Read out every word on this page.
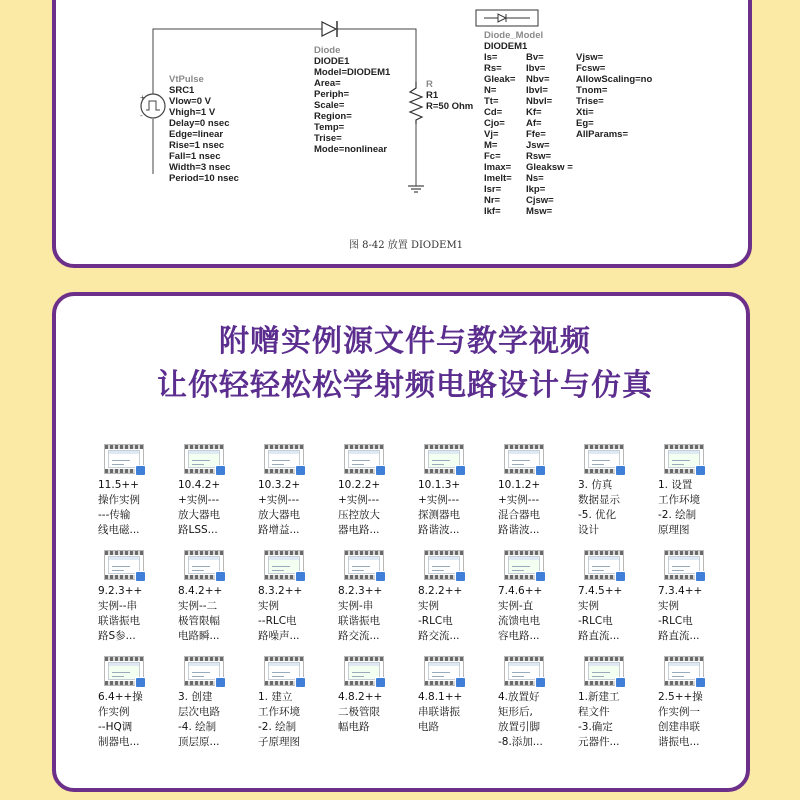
+
-
VtPulse
SRC1
Vlow=0 V
Vhigh=1 V
Delay=0 nsec
Edge=linear
Rise=1 nsec
Fall=1 nsec
Width=3 nsec
Period=10 nsec
Diode
DIODE1
Model=DIODEM1
Area=
Periph=
Scale=
Region=
Temp=
Trise=
Mode=nonlinear
R
R1
R=50 Ohm
Diode_Model
DIODEM1
Is=
Rs=
Gleak=
N=
Tt=
Cd=
Cjo=
Vj=
M=
Fc=
Imax=
Imelt=
Isr=
Nr=
Ikf=
Bv=
Ibv=
Nbv=
Ibvl=
Nbvl=
Kf=
Af=
Ffe=
Jsw=
Rsw=
Gleaksw =
Ns=
Ikp=
Cjsw=
Msw=
Vjsw=
Fcsw=
AllowScaling=no
Tnom=
Trise=
Xti=
Eg=
AllParams=
图 8-42 放置 DIODEM1
附赠实例源文件与教学视频
让你轻轻松松学射频电路设计与仿真
11.5++
操作实例
---传输
线电磁...
10.4.2+
+实例---
放大器电
路LSS...
10.3.2+
+实例---
放大器电
路增益...
10.2.2+
+实例---
压控放大
器电路...
10.1.3+
+实例---
探测器电
路谐波...
10.1.2+
+实例---
混合器电
路谐波...
3. 仿真
数据显示
-5. 优化
设计
1. 设置
工作环境
-2. 绘制
原理图
9.2.3++
实例--串
联谐振电
路S参...
8.4.2++
实例--二
极管限幅
电路瞬...
8.3.2++
实例
--RLC电
路噪声...
8.2.3++
实例-串
联谐振电
路交流...
8.2.2++
实例
-RLC电
路交流...
7.4.6++
实例-直
流馈电电
容电路...
7.4.5++
实例
-RLC电
路直流...
7.3.4++
实例
-RLC电
路直流...
6.4++操
作实例
--HQ调
制器电...
3. 创建
层次电路
-4. 绘制
顶层原...
1. 建立
工作环境
-2. 绘制
子原理图
4.8.2++
二极管限
幅电路
4.8.1++
串联谐振
电路
4.放置好
矩形后,
放置引脚
-8.添加...
1.新建工
程文件
-3.确定
元器件...
2.5++操
作实例一
创建串联
谐振电...
